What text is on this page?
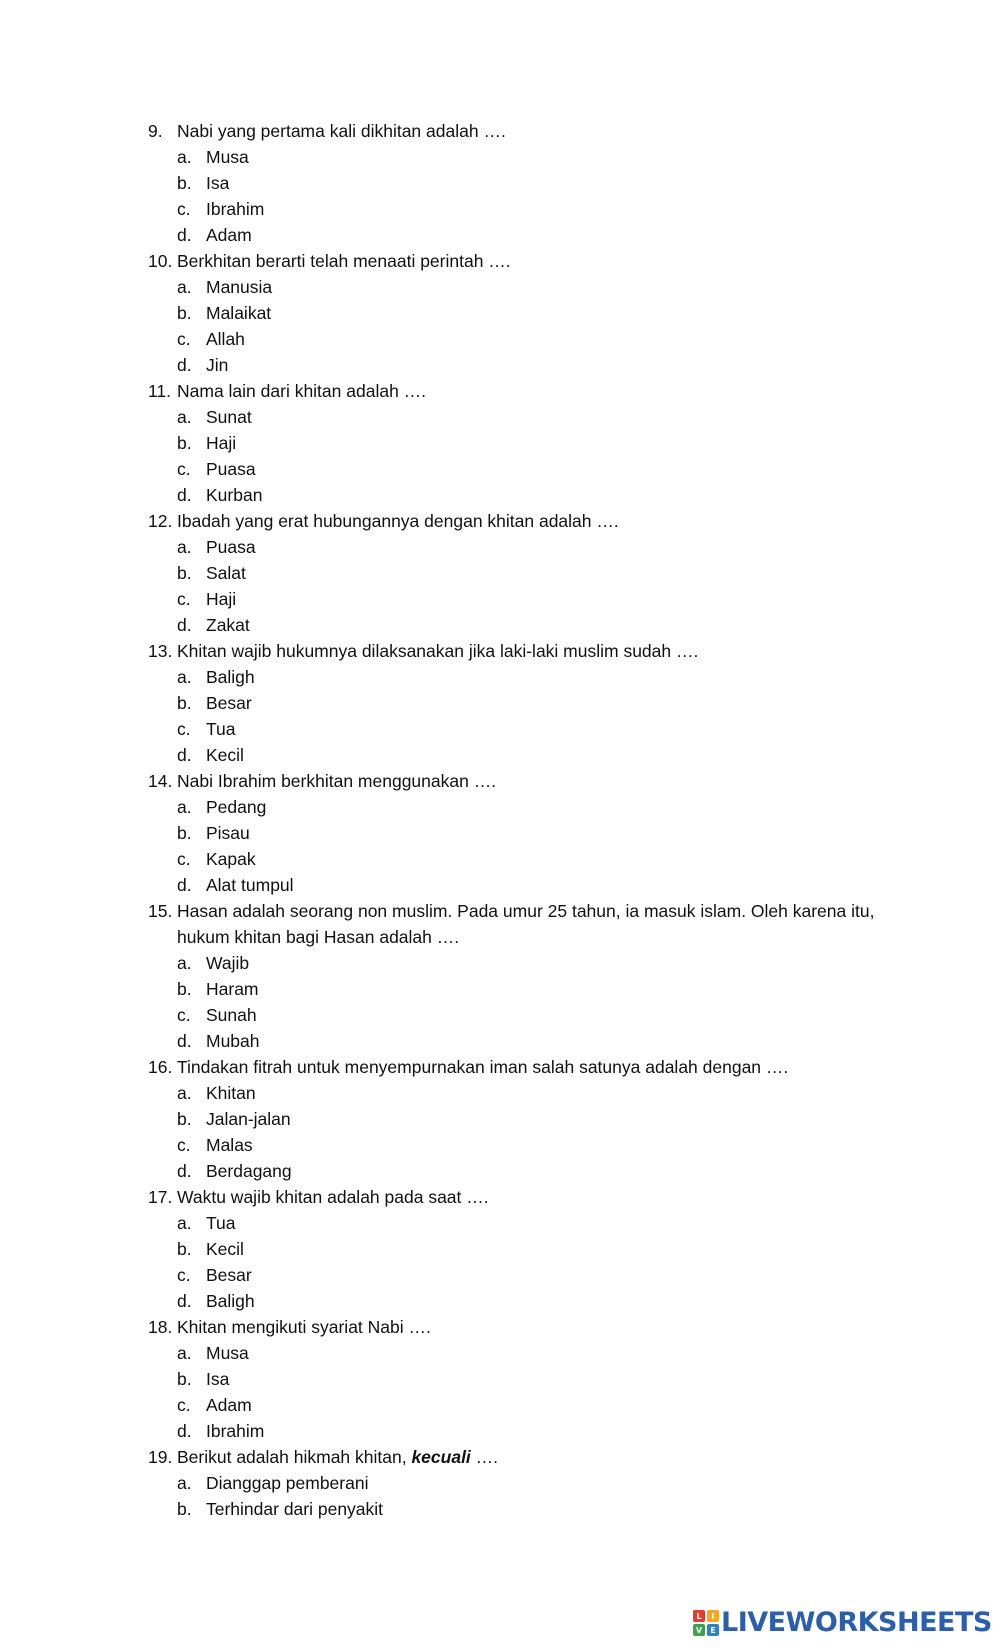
9. Nabi yang pertama kali dikhitan adalah ….
a. Musa
b. Isa
c. Ibrahim
d. Adam
10. Berkhitan berarti telah menaati perintah ….
a. Manusia
b. Malaikat
c. Allah
d. Jin
11. Nama lain dari khitan adalah ….
a. Sunat
b. Haji
c. Puasa
d. Kurban
12. Ibadah yang erat hubungannya dengan khitan adalah ….
a. Puasa
b. Salat
c. Haji
d. Zakat
13. Khitan wajib hukumnya dilaksanakan jika laki-laki muslim sudah ….
a. Baligh
b. Besar
c. Tua
d. Kecil
14. Nabi Ibrahim berkhitan menggunakan ….
a. Pedang
b. Pisau
c. Kapak
d. Alat tumpul
15. Hasan adalah seorang non muslim. Pada umur 25 tahun, ia masuk islam. Oleh karena itu, hukum khitan bagi Hasan adalah ….
a. Wajib
b. Haram
c. Sunah
d. Mubah
16. Tindakan fitrah untuk menyempurnakan iman salah satunya adalah dengan ….
a. Khitan
b. Jalan-jalan
c. Malas
d. Berdagang
17. Waktu wajib khitan adalah pada saat ….
a. Tua
b. Kecil
c. Besar
d. Baligh
18. Khitan mengikuti syariat Nabi ….
a. Musa
b. Isa
c. Adam
d. Ibrahim
19. Berikut adalah hikmah khitan, kecuali ….
a. Dianggap pemberani
b. Terhindar dari penyakit
L	I
V	E LIVEWORKSHEETS
